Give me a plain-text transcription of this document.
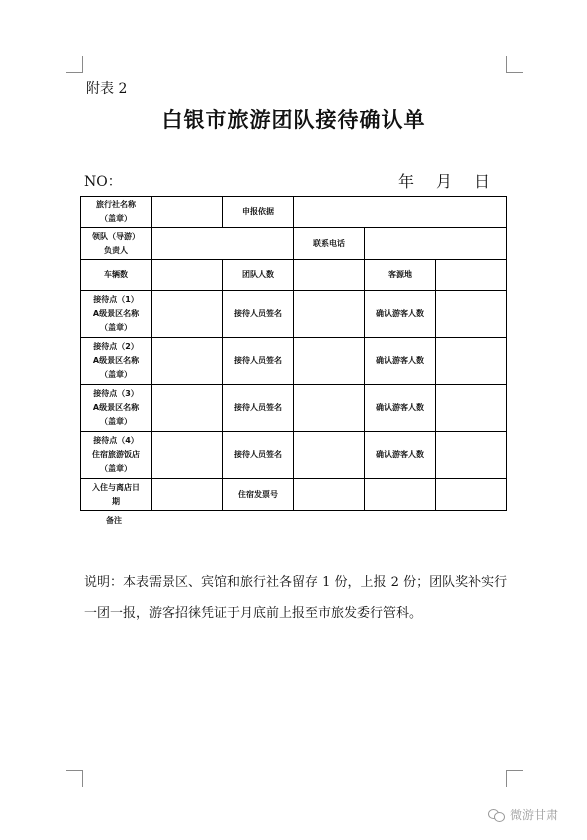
附表 2
白银市旅游团队接待确认单
NO：	年 月 日
旅行社名称
（盖章）		申报依据			

领队（导游）
负责人			联系电话		
车辆数		团队人数		客源地	

接待点（1）
A级景区名称
（盖章）		接待人员签名		确认游客人数	

接待点（2）
A级景区名称
（盖章）		接待人员签名		确认游客人数	

接待点（3）
A级景区名称
（盖章）		接待人员签名		确认游客人数	

接待点（4）
住宿旅游饭店
（盖章）		接待人员签名		确认游客人数	

入住与离店日
期		住宿发票号			
备注
说明：本表需景区、宾馆和旅行社各留存 1 份，上报 2 份；团队奖补实行一团一报，游客招徕凭证于月底前上报至市旅发委行管科。
微游甘肃
